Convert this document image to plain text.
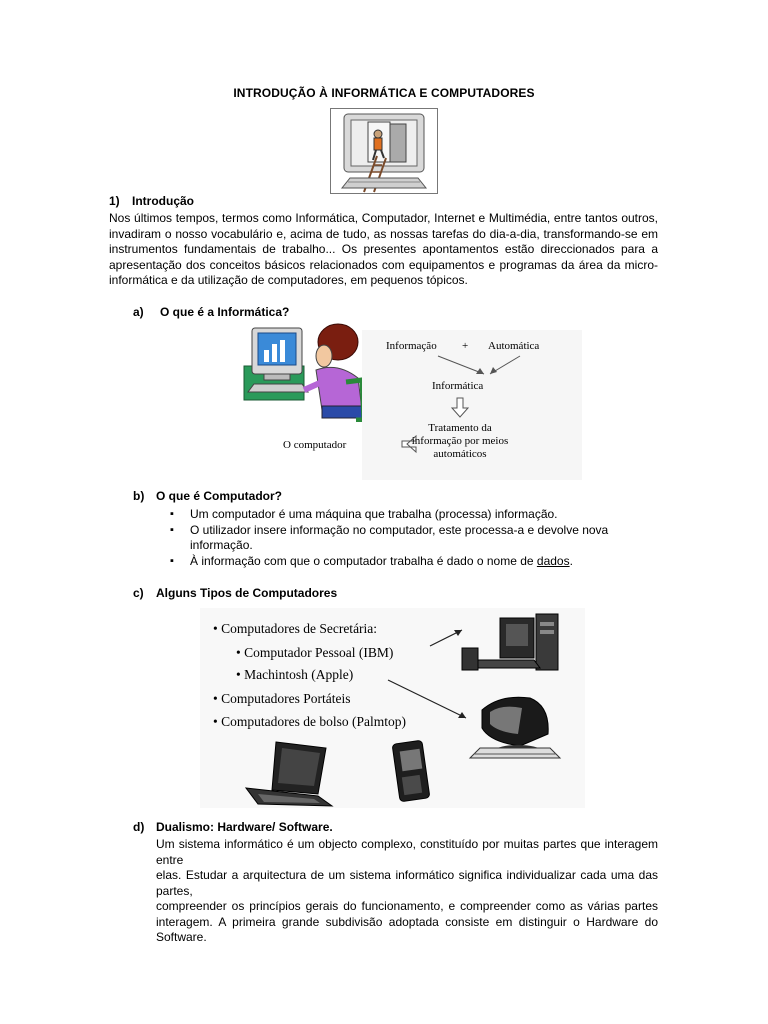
INTRODUÇÃO À INFORMÁTICA E COMPUTADORES
1) Introdução
Nos últimos tempos, termos como Informática, Computador, Internet e Multimédia, entre tantos outros,
invadiram o nosso vocabulário e, acima de tudo, as nossas tarefas do dia-a-dia, transformando-se em
instrumentos fundamentais de trabalho... Os presentes apontamentos estão direccionados para a
apresentação dos conceitos básicos relacionados com equipamentos e programas da área da micro-
informática e da utilização de computadores, em pequenos tópicos.
a) O que é a Informática?
Informação + Automática
Informática
Tratamento da
informação por meios
automáticos
O computador
b) O que é Computador?
▪ Um computador é uma máquina que trabalha (processa) informação.
▪ O utilizador insere informação no computador, este processa-a e devolve nova informação.
▪ À informação com que o computador trabalha é dado o nome de dados.
c) Alguns Tipos de Computadores
• Computadores de Secretária:
• Computador Pessoal (IBM)
• Machintosh (Apple)
• Computadores Portáteis
• Computadores de bolso (Palmtop)
d) Dualismo: Hardware/ Software.
Um sistema informático é um objecto complexo, constituído por muitas partes que interagem entre
elas. Estudar a arquitectura de um sistema informático significa individualizar cada uma das partes,
compreender os princípios gerais do funcionamento, e compreender como as várias partes
interagem. A primeira grande subdivisão adoptada consiste em distinguir o Hardware do Software.
